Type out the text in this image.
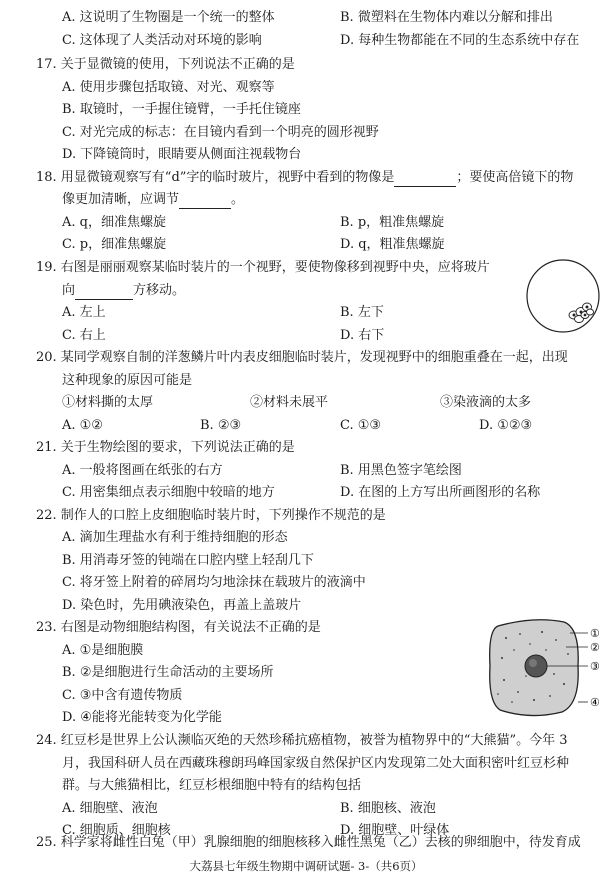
A. 这说明了生物圈是一个统一的整体	B. 微塑料在生物体内难以分解和排出
C. 这体现了人类活动对环境的影响	D. 每种生物都能在不同的生态系统中存在
17. 关于显微镜的使用，下列说法不正确的是
A. 使用步骤包括取镜、对光、观察等
B. 取镜时，一手握住镜臂，一手托住镜座
C. 对光完成的标志：在目镜内看到一个明亮的圆形视野
D. 下降镜筒时，眼睛要从侧面注视载物台
18. 用显微镜观察写有“d”字的临时玻片，视野中看到的物像是	；要使高倍镜下的物
像更加清晰，应调节	。
A. q，细准焦螺旋	B. p，粗准焦螺旋
C. p，细准焦螺旋	D. q，粗准焦螺旋
19. 右图是丽丽观察某临时装片的一个视野，要使物像移到视野中央，应将玻片
向	方移动。
A. 左上	B. 左下
C. 右上	D. 右下
20. 某同学观察自制的洋葱鳞片叶内表皮细胞临时装片，发现视野中的细胞重叠在一起，出现
这种现象的原因可能是
①材料撕的太厚	②材料未展平	③染液滴的太多
A. ①②	B. ②③	C. ①③	D. ①②③
21. 关于生物绘图的要求，下列说法正确的是
A. 一般将图画在纸张的右方	B. 用黑色签字笔绘图
C. 用密集细点表示细胞中较暗的地方	D. 在图的上方写出所画图形的名称
22. 制作人的口腔上皮细胞临时装片时，下列操作不规范的是
A. 滴加生理盐水有利于维持细胞的形态
B. 用消毒牙签的钝端在口腔内壁上轻刮几下
C. 将牙签上附着的碎屑均匀地涂抹在载玻片的液滴中
D. 染色时，先用碘液染色，再盖上盖玻片
23. 右图是动物细胞结构图，有关说法不正确的是
A. ①是细胞膜
B. ②是细胞进行生命活动的主要场所
C. ③中含有遗传物质
D. ④能将光能转变为化学能
①
②
③
④
24. 红豆杉是世界上公认濒临灭绝的天然珍稀抗癌植物，被誉为植物界中的“大熊猫”。今年 3
月，我国科研人员在西藏珠穆朗玛峰国家级自然保护区内发现第二处大面积密叶红豆杉种
群。与大熊猫相比，红豆杉根细胞中特有的结构包括
A. 细胞壁、液泡	B. 细胞核、液泡
C. 细胞质、细胞核	D. 细胞壁、叶绿体
25. 科学家将雌性白兔（甲）乳腺细胞的细胞核移入雌性黑兔（乙）去核的卵细胞中，待发育成
大荔县七年级生物期中调研试题- 3-（共6页）
